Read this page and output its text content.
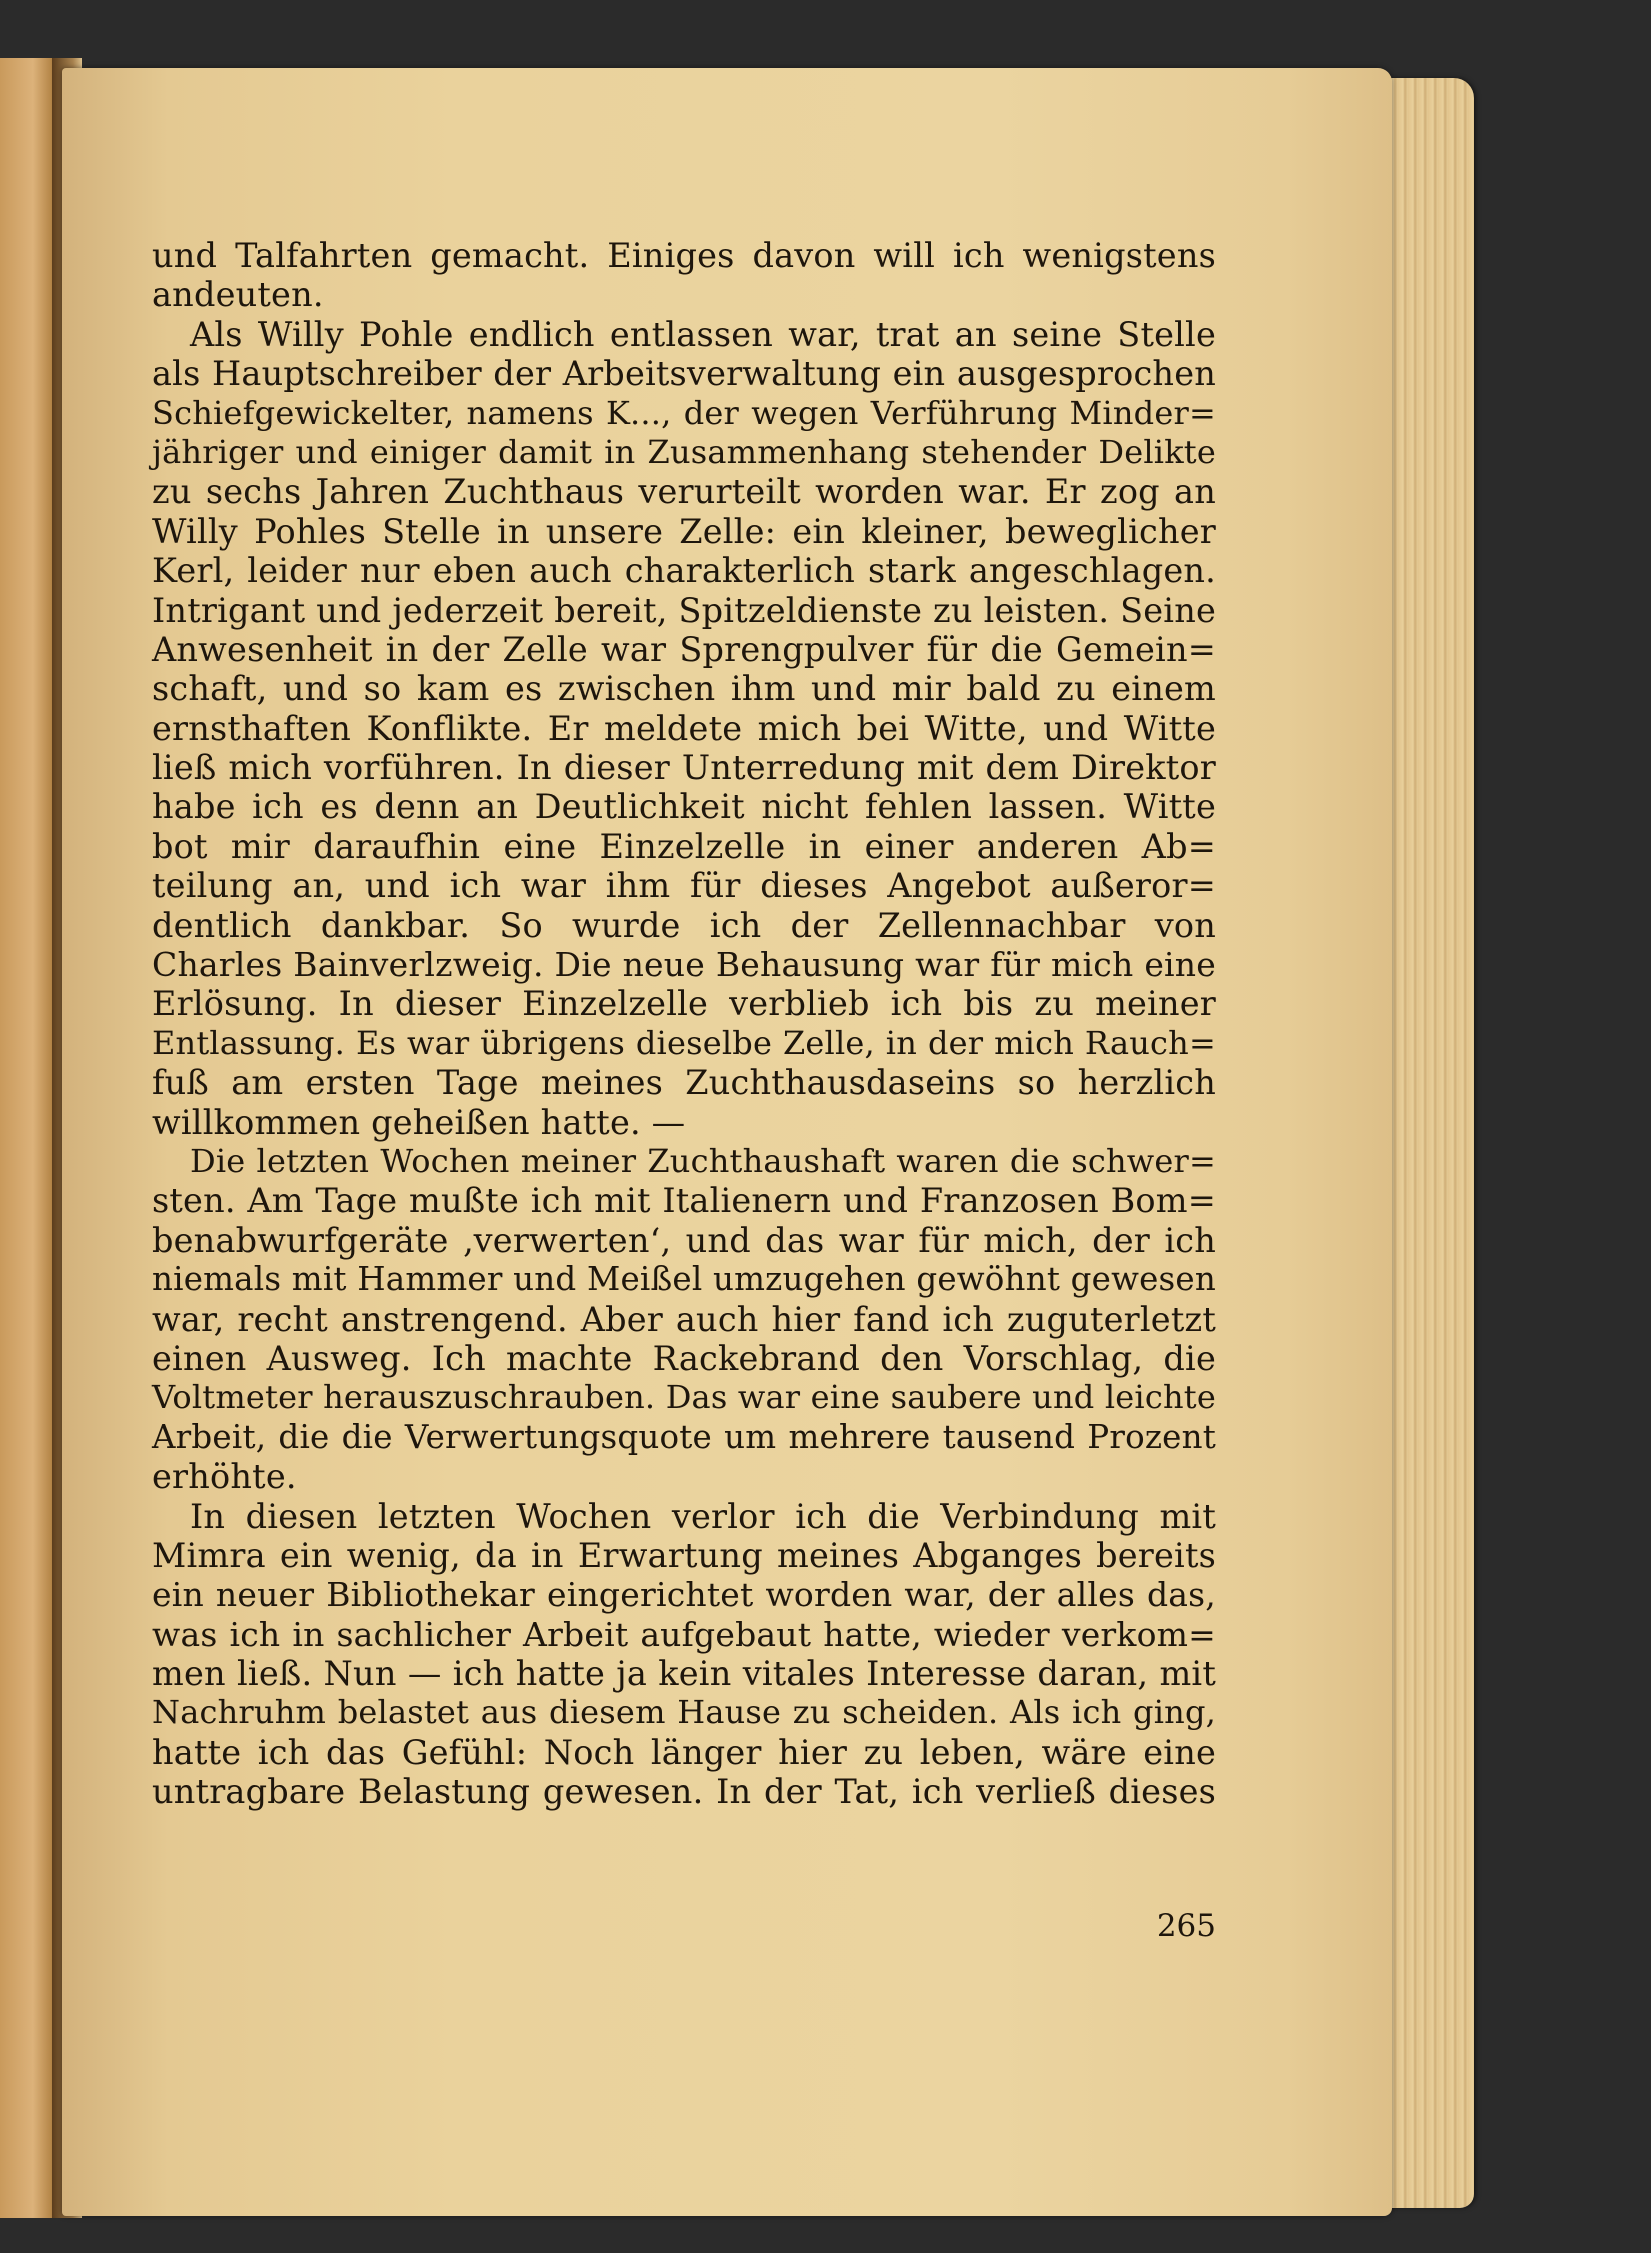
und Talfahrten gemacht. Einiges davon will ich wenigstens
andeuten.
Als Willy Pohle endlich entlassen war, trat an seine Stelle
als Hauptschreiber der Arbeitsverwaltung ein ausgesprochen
Schiefgewickelter, namens K..., der wegen Verführung Minder=
jähriger und einiger damit in Zusammenhang stehender Delikte
zu sechs Jahren Zuchthaus verurteilt worden war. Er zog an
Willy Pohles Stelle in unsere Zelle: ein kleiner, beweglicher
Kerl, leider nur eben auch charakterlich stark angeschlagen.
Intrigant und jederzeit bereit, Spitzeldienste zu leisten. Seine
Anwesenheit in der Zelle war Sprengpulver für die Gemein=
schaft, und so kam es zwischen ihm und mir bald zu einem
ernsthaften Konflikte. Er meldete mich bei Witte, und Witte
ließ mich vorführen. In dieser Unterredung mit dem Direktor
habe ich es denn an Deutlichkeit nicht fehlen lassen. Witte
bot mir daraufhin eine Einzelzelle in einer anderen Ab=
teilung an, und ich war ihm für dieses Angebot außeror=
dentlich dankbar. So wurde ich der Zellennachbar von
Charles Bainverlzweig. Die neue Behausung war für mich eine
Erlösung. In dieser Einzelzelle verblieb ich bis zu meiner
Entlassung. Es war übrigens dieselbe Zelle, in der mich Rauch=
fuß am ersten Tage meines Zuchthausdaseins so herzlich
willkommen geheißen hatte. —
Die letzten Wochen meiner Zuchthaushaft waren die schwer=
sten. Am Tage mußte ich mit Italienern und Franzosen Bom=
benabwurfgeräte ‚verwerten‘, und das war für mich, der ich
niemals mit Hammer und Meißel umzugehen gewöhnt gewesen
war, recht anstrengend. Aber auch hier fand ich zuguterletzt
einen Ausweg. Ich machte Rackebrand den Vorschlag, die
Voltmeter herauszuschrauben. Das war eine saubere und leichte
Arbeit, die die Verwertungsquote um mehrere tausend Prozent
erhöhte.
In diesen letzten Wochen verlor ich die Verbindung mit
Mimra ein wenig, da in Erwartung meines Abganges bereits
ein neuer Bibliothekar eingerichtet worden war, der alles das,
was ich in sachlicher Arbeit aufgebaut hatte, wieder verkom=
men ließ. Nun — ich hatte ja kein vitales Interesse daran, mit
Nachruhm belastet aus diesem Hause zu scheiden. Als ich ging,
hatte ich das Gefühl: Noch länger hier zu leben, wäre eine
untragbare Belastung gewesen. In der Tat, ich verließ dieses
265
